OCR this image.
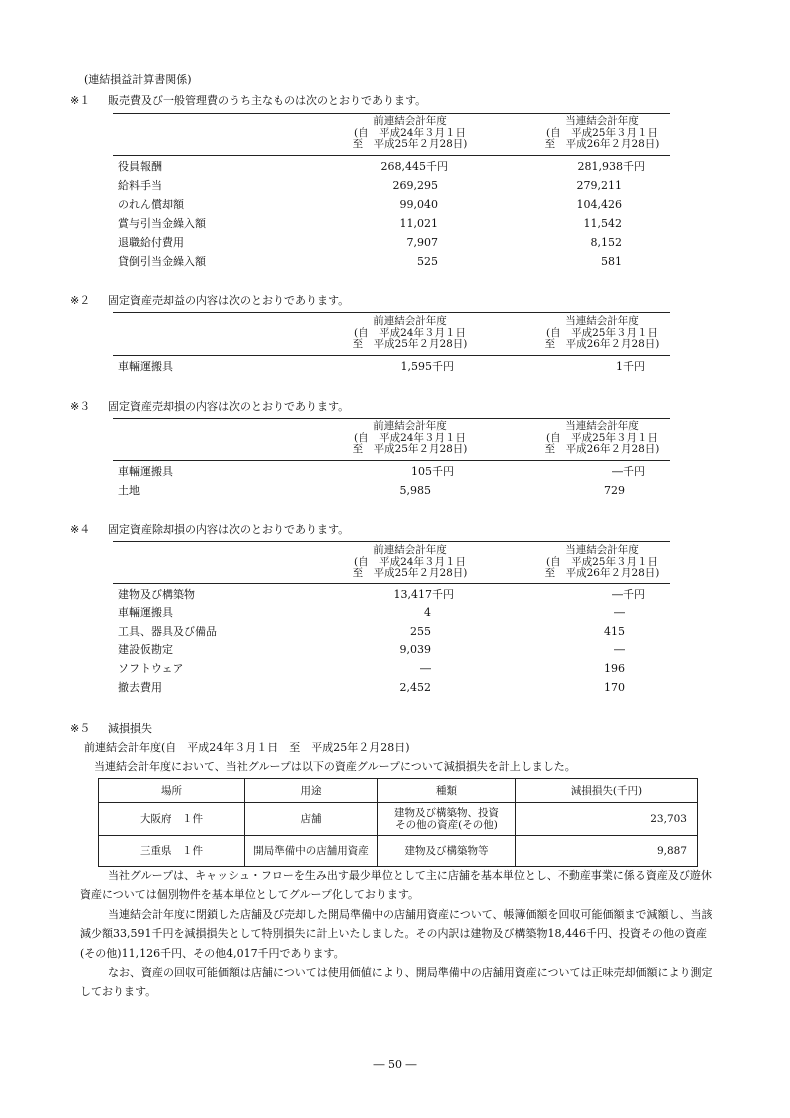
(連結損益計算書関係)
※１ 販売費及び一般管理費のうち主なものは次のとおりであります。
前連結会計年度
(自　平成24年３月１日
至　平成25年２月28日)
当連結会計年度
(自　平成25年３月１日
至　平成26年２月28日)
役員報酬	268,445千円	281,938千円
給料手当	269,295	279,211
のれん償却額	99,040	104,426
賞与引当金繰入額	11,021	11,542
退職給付費用	7,907	8,152
貸倒引当金繰入額	525	581
※２ 固定資産売却益の内容は次のとおりであります。
前連結会計年度
(自　平成24年３月１日
至　平成25年２月28日)
当連結会計年度
(自　平成25年３月１日
至　平成26年２月28日)
車輛運搬具	1,595千円	1千円
※３ 固定資産売却損の内容は次のとおりであります。
前連結会計年度
(自　平成24年３月１日
至　平成25年２月28日)
当連結会計年度
(自　平成25年３月１日
至　平成26年２月28日)
車輛運搬具	105千円	―千円
土地	5,985	729
※４ 固定資産除却損の内容は次のとおりであります。
前連結会計年度
(自　平成24年３月１日
至　平成25年２月28日)
当連結会計年度
(自　平成25年３月１日
至　平成26年２月28日)
建物及び構築物	13,417千円	―千円
車輛運搬具	4	―
工具、器具及び備品	255	415
建設仮勘定	9,039	―
ソフトウェア	―	196
撤去費用	2,452	170
※５ 減損損失
前連結会計年度(自　平成24年３月１日　至　平成25年２月28日)
当連結会計年度において、当社グループは以下の資産グループについて減損損失を計上しました。
場所	用途	種類	減損損失(千円)
大阪府　１件	店舗	建物及び構築物、投資
その他の資産(その他)	23,703
三重県　１件	開局準備中の店舗用資産	建物及び構築物等	9,887
当社グループは、キャッシュ・フローを生み出す最少単位として主に店舗を基本単位とし、不動産事業に係る資産及び遊休資産については個別物件を基本単位としてグループ化しております。
当連結会計年度に閉鎖した店舗及び売却した開局準備中の店舗用資産について、帳簿価額を回収可能価額まで減額し、当該減少額33,591千円を減損損失として特別損失に計上いたしました。その内訳は建物及び構築物18,446千円、投資その他の資産(その他)11,126千円、その他4,017千円であります。
なお、資産の回収可能価額は店舗については使用価値により、開局準備中の店舗用資産については正味売却価額により測定しております。
― 50 ―
